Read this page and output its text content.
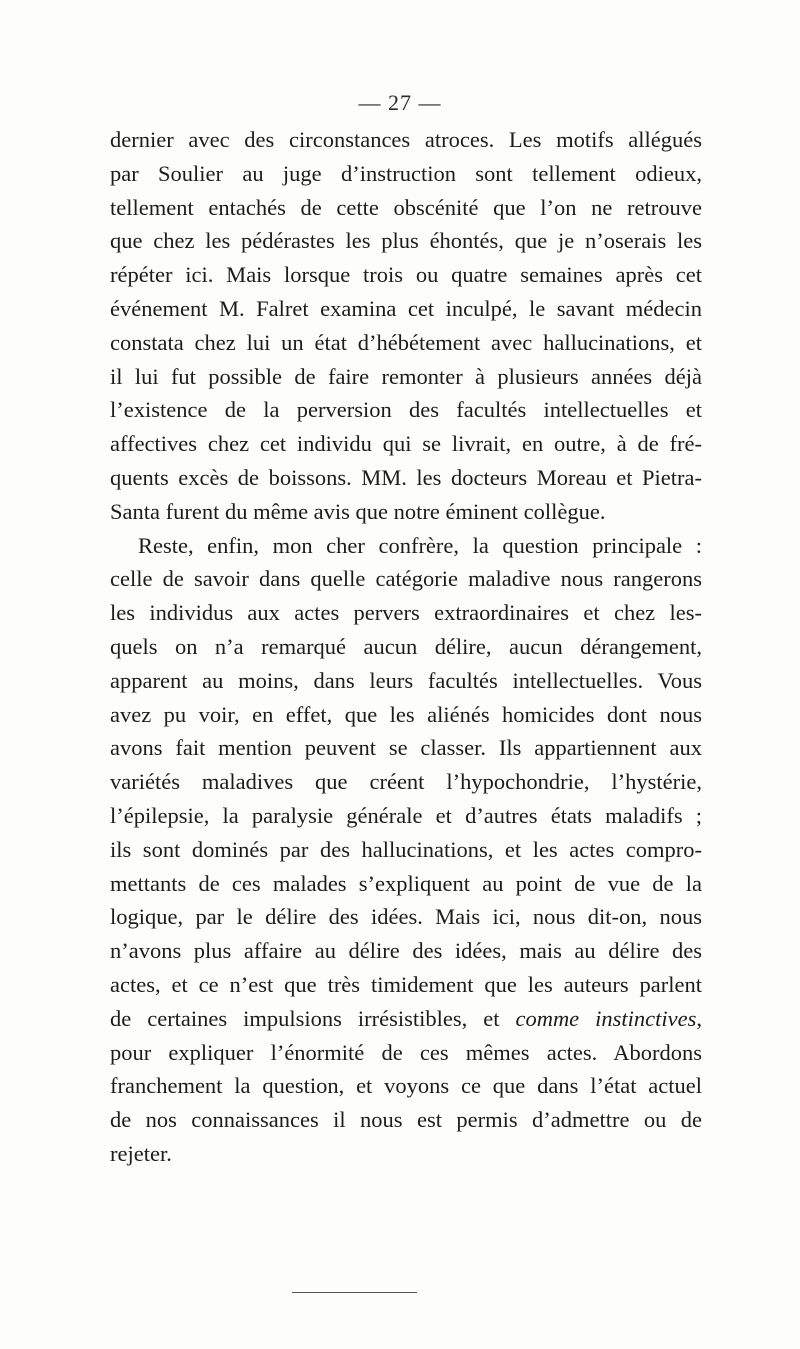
— 27 —
dernier avec des circonstances atroces. Les motifs allégués
par Soulier au juge d’instruction sont tellement odieux,
tellement entachés de cette obscénité que l’on ne retrouve
que chez les pédérastes les plus éhontés, que je n’oserais les
répéter ici. Mais lorsque trois ou quatre semaines après cet
événement M. Falret examina cet inculpé, le savant médecin
constata chez lui un état d’hébétement avec hallucinations, et
il lui fut possible de faire remonter à plusieurs années déjà
l’existence de la perversion des facultés intellectuelles et
affectives chez cet individu qui se livrait, en outre, à de fré-
quents excès de boissons. MM. les docteurs Moreau et Pietra-
Santa furent du même avis que notre éminent collègue.
Reste, enfin, mon cher confrère, la question principale :
celle de savoir dans quelle catégorie maladive nous rangerons
les individus aux actes pervers extraordinaires et chez les-
quels on n’a remarqué aucun délire, aucun dérangement,
apparent au moins, dans leurs facultés intellectuelles. Vous
avez pu voir, en effet, que les aliénés homicides dont nous
avons fait mention peuvent se classer. Ils appartiennent aux
variétés maladives que créent l’hypochondrie, l’hystérie,
l’épilepsie, la paralysie générale et d’autres états maladifs ;
ils sont dominés par des hallucinations, et les actes compro-
mettants de ces malades s’expliquent au point de vue de la
logique, par le délire des idées. Mais ici, nous dit-on, nous
n’avons plus affaire au délire des idées, mais au délire des
actes, et ce n’est que très timidement que les auteurs parlent
de certaines impulsions irrésistibles, et comme instinctives,
pour expliquer l’énormité de ces mêmes actes. Abordons
franchement la question, et voyons ce que dans l’état actuel
de nos connaissances il nous est permis d’admettre ou de
rejeter.
